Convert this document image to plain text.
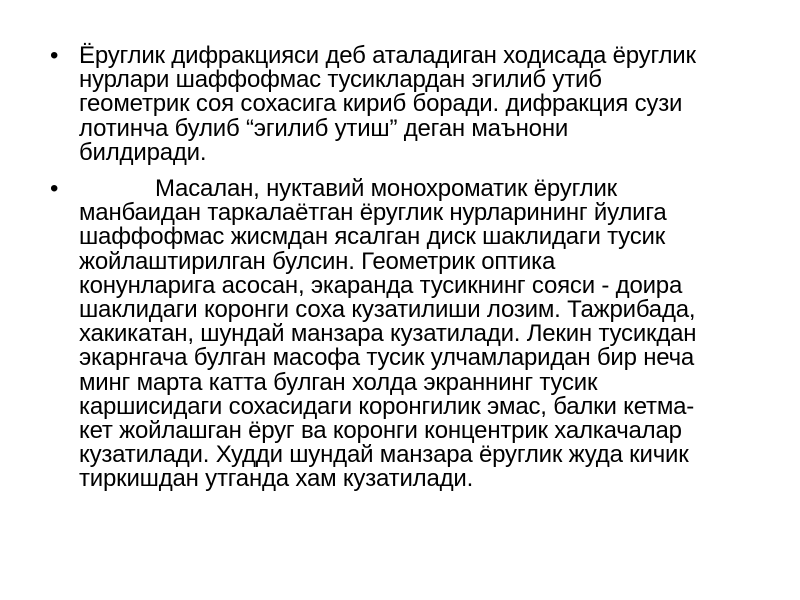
• Ёруглик дифракцияси деб аталадиган ходисада ёруглик
нурлари шаффофмас тусиклардан эгилиб утиб
геометрик соя сохасига кириб боради. дифракция сузи
лотинча булиб “эгилиб утиш” деган маънони
билдиради.
•	Масалан, нуктавий монохроматик ёруглик
манбаидан таркалаётган ёруглик нурларининг йулига
шаффофмас жисмдан ясалган диск шаклидаги тусик
жойлаштирилган булсин. Геометрик оптика
конунларига асосан, экаранда тусикнинг сояси - доира
шаклидаги коронги соха кузатилиши лозим. Тажрибада,
хакикатан, шундай манзара кузатилади. Лекин тусикдан
экарнгача булган масофа тусик улчамларидан бир неча
минг марта катта булган холда экраннинг тусик
каршисидаги сохасидаги коронгилик эмас, балки кетма-
кет жойлашган ёруг ва коронги концентрик халкачалар
кузатилади. Худди шундай манзара ёруглик жуда кичик
тиркишдан утганда хам кузатилади.
